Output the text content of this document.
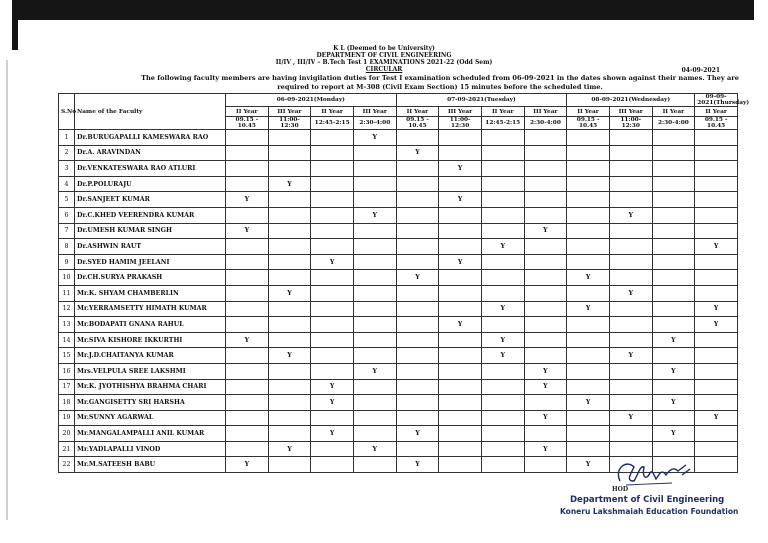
K L (Deemed to be University)
DEPARTMENT OF CIVIL ENGINEERING
II/IV , III/IV – B.Tech Test 1 EXAMINATIONS 2021-22 (Odd Sem)
CIRCULAR	04-09-2021
The following faculty members are having invigilation duties for Test I examination scheduled from 06-09-2021 in the dates shown against their names. They are required to report at M-308 (Civil Exam Section) 15 minutes before the scheduled time.
S.No	Name of the Faculty	06-09-2021(Monday)				07-09-2021(Tuesday)				08-09-2021(Wednesday)			09-09-2021(Thursday)
		II Year	III Year	II Year	III Year	II Year	III Year	II Year	III Year	II Year	III Year	II Year	II Year
		09.15 - 10.45	11:00-12:30	12:45-2:15	2:30-4:00	09.15 - 10.45	11:00-12:30	12:45-2:15	2:30-4:00	09.15 - 10.45	11:00-12:30	2:30-4:00	09.15 - 10.45
1	Dr.BURUGAPALLI KAMESWARA RAO				Y								
2	Dr.A. ARAVINDAN					Y							
3	Dr.VENKATESWARA RAO ATLURI						Y						
4	Dr.P.POLURAJU		Y										
5	Dr.SANJEET KUMAR	Y					Y						
6	Dr.C.KHED VEERENDRA KUMAR				Y						Y		
7	Dr.UMESH KUMAR SINGH	Y							Y				
8	Dr.ASHWIN RAUT							Y					Y
9	Dr.SYED HAMIM JEELANI			Y			Y						
10	Dr.CH.SURYA PRAKASH					Y				Y			
11	Mr.K. SHYAM CHAMBERLIN		Y								Y		
12	Mr.YERRAMSETTY HIMATH KUMAR							Y		Y			Y
13	Mr.BODAPATI GNANA RAHUL						Y						Y
14	Mr.SIVA KISHORE IKKURTHI	Y						Y				Y	
15	Mr.J.D.CHAITANYA KUMAR		Y					Y			Y		
16	Mrs.VELPULA SREE LAKSHMI				Y				Y			Y	
17	Mr.K. JYOTHISHYA BRAHMA CHARI			Y					Y				
18	Mr.GANGISETTY SRI HARSHA			Y						Y		Y	
19	Mr.SUNNY AGARWAL								Y		Y		Y
20	Mr.MANGALAMPALLI ANIL KUMAR			Y		Y						Y	
21	Mr.YADLAPALLI VINOD		Y		Y				Y				
22	Mr.M.SATEESH BABU	Y				Y				Y			
HOD
Department of Civil Engineering
Koneru Lakshmaiah Education Foundation
